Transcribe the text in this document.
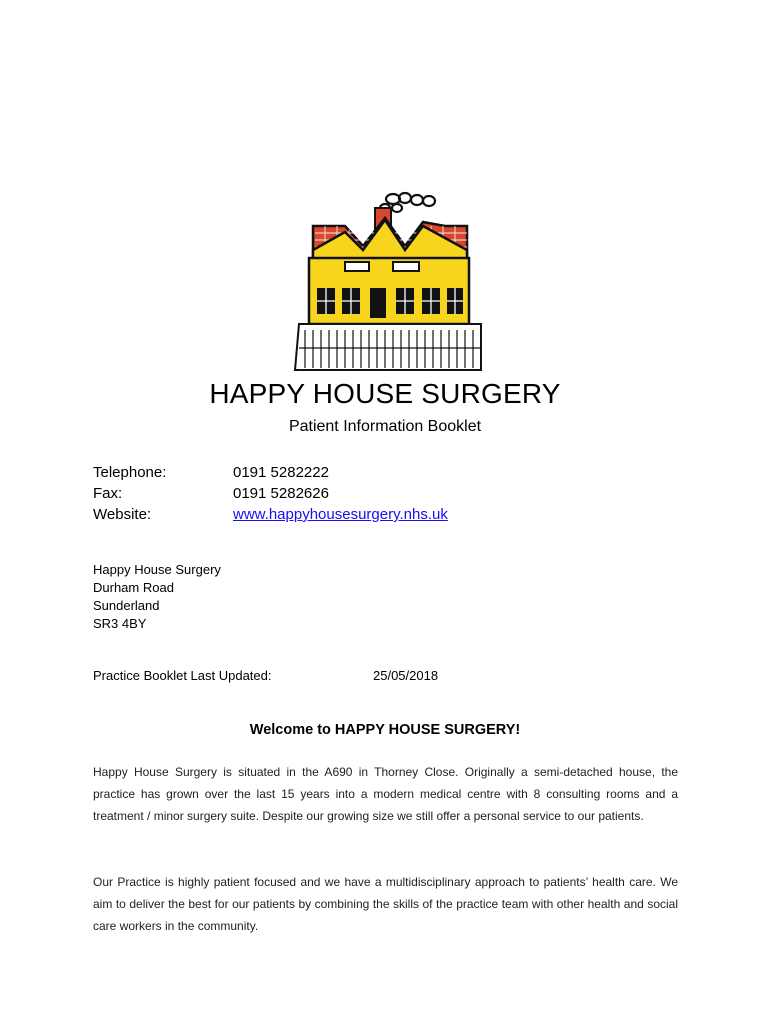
HAPPY HOUSE SURGERY
Patient Information Booklet
Telephone:	0191 5282222
Fax:	0191 5282626
Website:	www.happyhousesurgery.nhs.uk
Happy House Surgery
Durham Road
Sunderland
SR3 4BY
Practice Booklet Last Updated:	25/05/2018
Welcome to HAPPY HOUSE SURGERY!

Happy House Surgery is situated in the A690 in Thorney Close. Originally a semi-detached house, the practice has grown over the last 15 years into a modern medical centre with 8 consulting rooms and a treatment / minor surgery suite. Despite our growing size we still offer a personal service to our patients.

Our Practice is highly patient focused and we have a multidisciplinary approach to patients’ health care. We aim to deliver the best for our patients by combining the skills of the practice team with other health and social care workers in the community.
